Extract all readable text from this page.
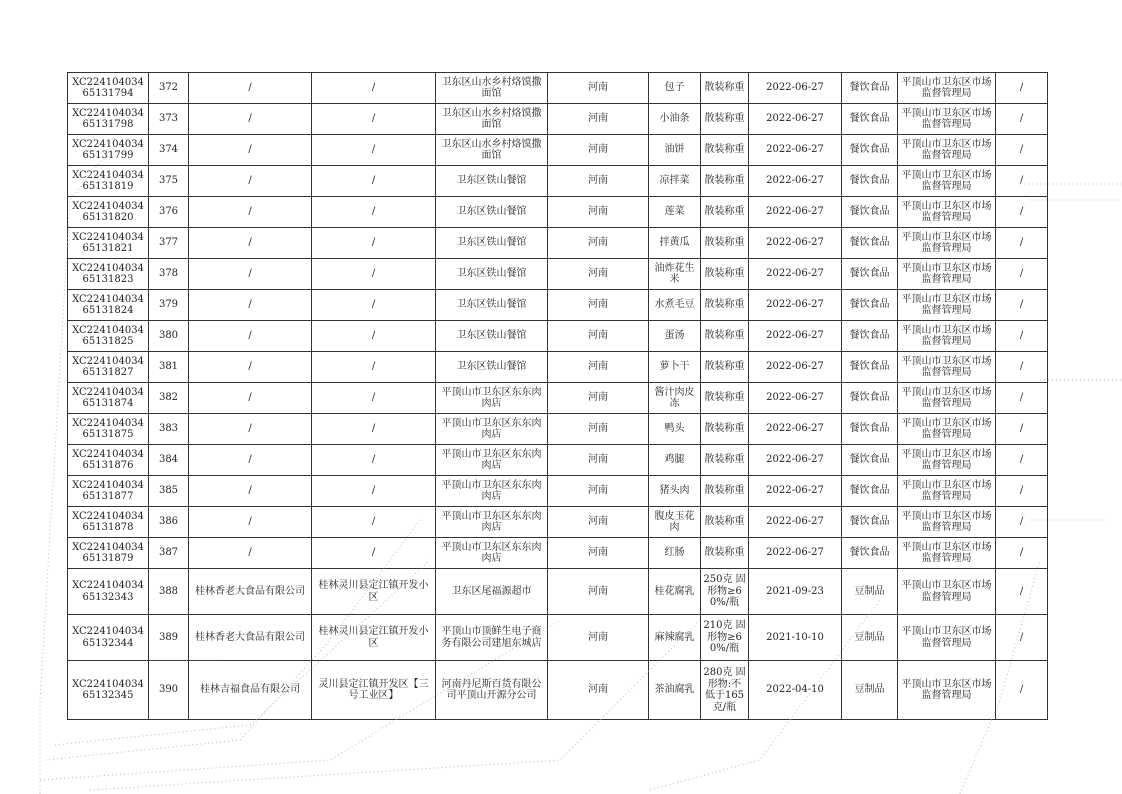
XC22410403465131794	372	/	/	卫东区山水乡村烙馍撒面馆	河南	包子	散装称重	2022-06-27	餐饮食品	平顶山市卫东区市场监督管理局	/
XC22410403465131798	373	/	/	卫东区山水乡村烙馍撒面馆	河南	小油条	散装称重	2022-06-27	餐饮食品	平顶山市卫东区市场监督管理局	/
XC22410403465131799	374	/	/	卫东区山水乡村烙馍撒面馆	河南	油饼	散装称重	2022-06-27	餐饮食品	平顶山市卫东区市场监督管理局	/
XC22410403465131819	375	/	/	卫东区铁山餐馆	河南	凉拌菜	散装称重	2022-06-27	餐饮食品	平顶山市卫东区市场监督管理局	/
XC22410403465131820	376	/	/	卫东区铁山餐馆	河南	莲菜	散装称重	2022-06-27	餐饮食品	平顶山市卫东区市场监督管理局	/
XC22410403465131821	377	/	/	卫东区铁山餐馆	河南	拌黄瓜	散装称重	2022-06-27	餐饮食品	平顶山市卫东区市场监督管理局	/
XC22410403465131823	378	/	/	卫东区铁山餐馆	河南	油炸花生米	散装称重	2022-06-27	餐饮食品	平顶山市卫东区市场监督管理局	/
XC22410403465131824	379	/	/	卫东区铁山餐馆	河南	水煮毛豆	散装称重	2022-06-27	餐饮食品	平顶山市卫东区市场监督管理局	/
XC22410403465131825	380	/	/	卫东区铁山餐馆	河南	蛋汤	散装称重	2022-06-27	餐饮食品	平顶山市卫东区市场监督管理局	/
XC22410403465131827	381	/	/	卫东区铁山餐馆	河南	萝卜干	散装称重	2022-06-27	餐饮食品	平顶山市卫东区市场监督管理局	/
XC22410403465131874	382	/	/	平顶山市卫东区东东肉肉店	河南	酱汁肉皮冻	散装称重	2022-06-27	餐饮食品	平顶山市卫东区市场监督管理局	/
XC22410403465131875	383	/	/	平顶山市卫东区东东肉肉店	河南	鸭头	散装称重	2022-06-27	餐饮食品	平顶山市卫东区市场监督管理局	/
XC22410403465131876	384	/	/	平顶山市卫东区东东肉肉店	河南	鸡腿	散装称重	2022-06-27	餐饮食品	平顶山市卫东区市场监督管理局	/
XC22410403465131877	385	/	/	平顶山市卫东区东东肉肉店	河南	猪头肉	散装称重	2022-06-27	餐饮食品	平顶山市卫东区市场监督管理局	/
XC22410403465131878	386	/	/	平顶山市卫东区东东肉肉店	河南	腹皮玉花肉	散装称重	2022-06-27	餐饮食品	平顶山市卫东区市场监督管理局	/
XC22410403465131879	387	/	/	平顶山市卫东区东东肉肉店	河南	红肠	散装称重	2022-06-27	餐饮食品	平顶山市卫东区市场监督管理局	/
XC22410403465132343	388	桂林香老大食品有限公司	桂林灵川县定江镇开发小区	卫东区尾福源超市	河南	桂花腐乳	250克 固形物≥60%/瓶	2021-09-23	豆制品	平顶山市卫东区市场监督管理局	/
XC22410403465132344	389	桂林香老大食品有限公司	桂林灵川县定江镇开发小区	平顶山市顶鲜生电子商务有限公司建旭东城店	河南	麻辣腐乳	210克 固形物≥60%/瓶	2021-10-10	豆制品	平顶山市卫东区市场监督管理局	/
XC22410403465132345	390	桂林吉福食品有限公司	灵川县定江镇开发区【三号工业区】	河南丹尼斯百货有限公司平顶山开源分公司	河南	茶油腐乳	280克 固形物:不低于165克/瓶	2022-04-10	豆制品	平顶山市卫东区市场监督管理局	/
